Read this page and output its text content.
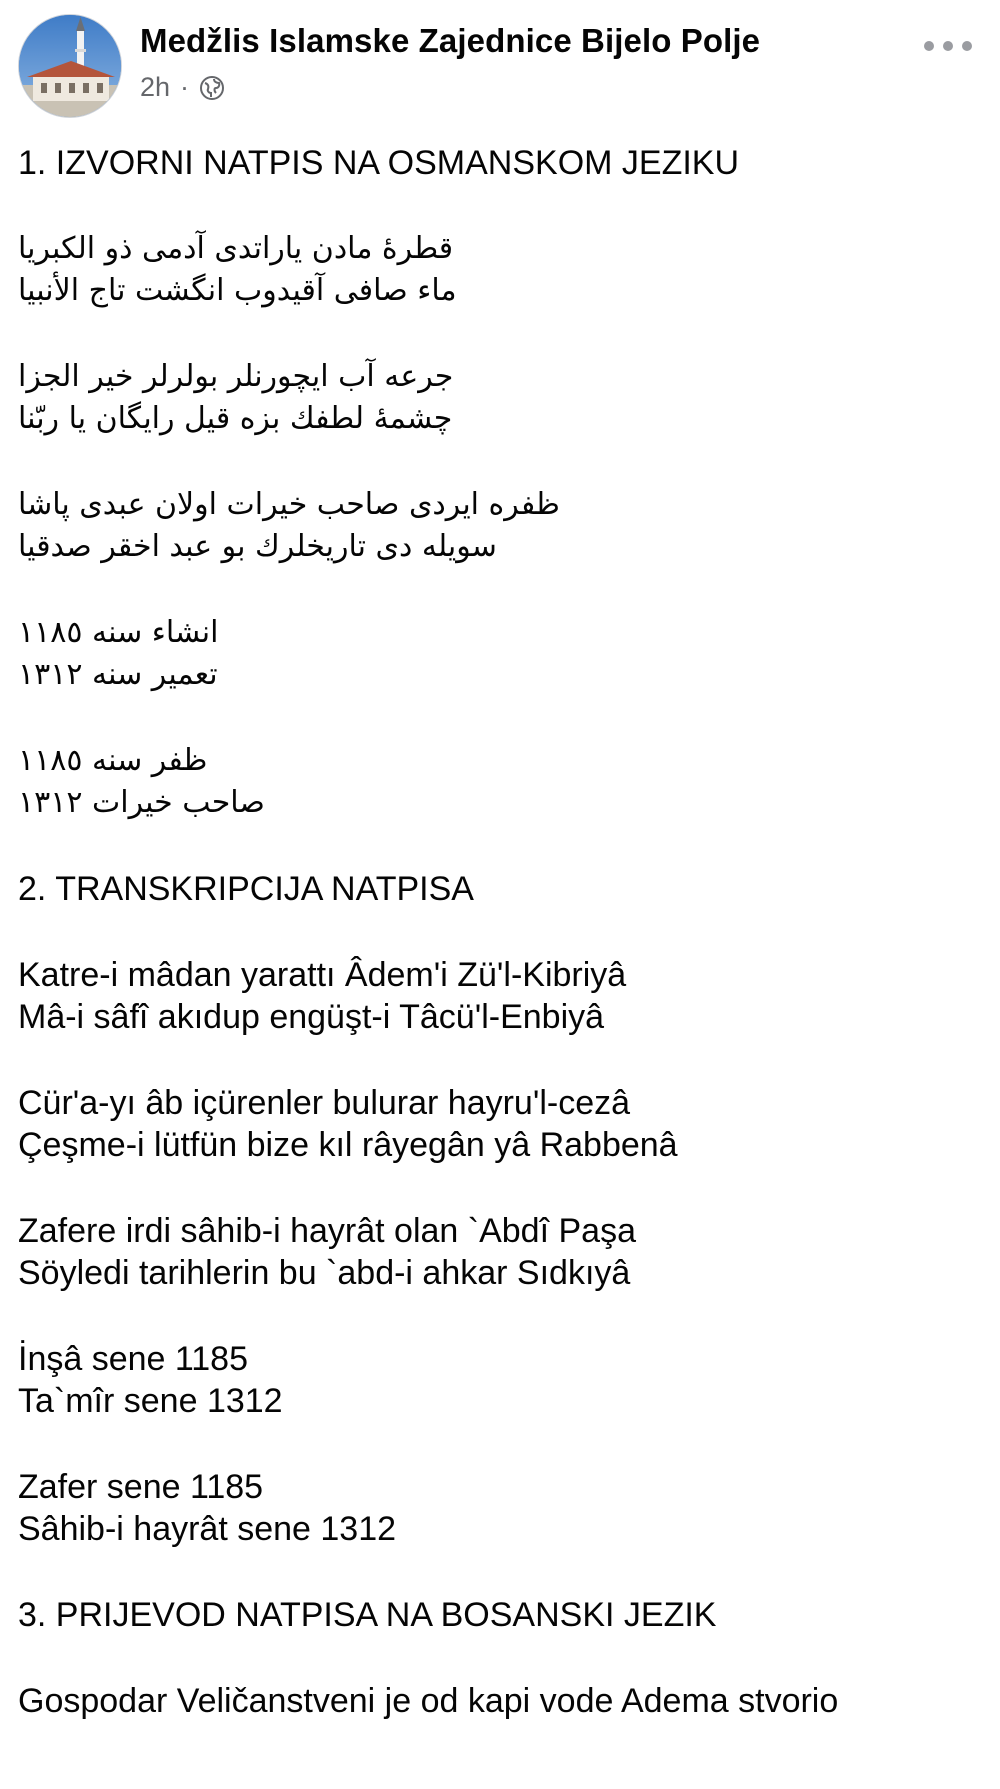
Medžlis Islamske Zajednice Bijelo Polje
2h ·
1. IZVORNI NATPIS NA OSMANSKOM JEZIKU
قطرۀ مادن ياراتدى آدمى ذو الكبريا
ماء صافى آقيدوب انگشت تاج الأنبيا
جرعه آب ايچورنلر بولرلر خير الجزا
چشمۀ لطفك بزه قيل رايگان يا ربّنا
ظفره ايردى صاحب خيرات اولان عبدى پاشا
سويله دى تاريخلرك بو عبد اخقر صدقيا
انشاء سنه ١١٨٥
تعمير سنه ١٣١٢
ظفر سنه ١١٨٥
صاحب خيرات ١٣١٢
2. TRANSKRIPCIJA NATPISA
Katre-i mâdan yarattı Âdem'i Zü'l-Kibriyâ
Mâ-i sâfî akıdup engüşt-i Tâcü'l-Enbiyâ
Cür'a-yı âb içürenler bulurar hayru'l-cezâ
Çeşme-i lütfün bize kıl râyegân yâ Rabbenâ
Zafere irdi sâhib-i hayrât olan `Abdî Paşa
Söyledi tarihlerin bu `abd-i ahkar Sıdkıyâ
İnşâ sene 1185
Ta`mîr sene 1312
Zafer sene 1185
Sâhib-i hayrât sene 1312
3. PRIJEVOD NATPISA NA BOSANSKI JEZIK
Gospodar Veličanstveni je od kapi vode Adema stvorio
